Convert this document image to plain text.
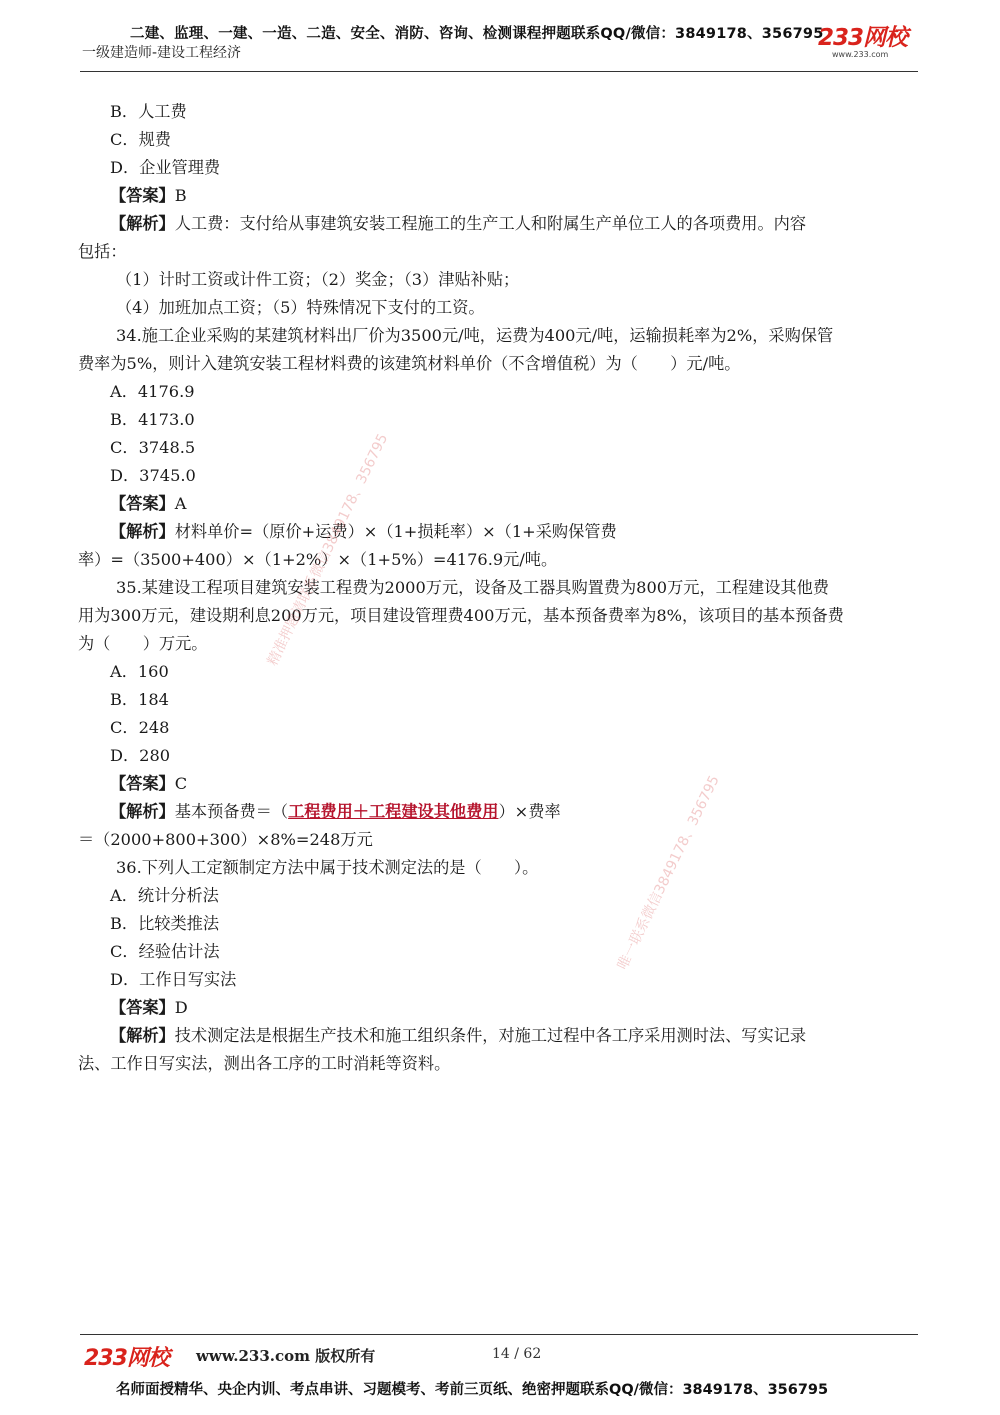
二建、监理、一建、一造、二造、安全、消防、咨询、检测课程押题联系QQ/微信：3849178、356795
一级建造师-建设工程经济
233网校
www.233.com
B．人工费
C．规费
D．企业管理费
【答案】B
【解析】人工费：支付给从事建筑安装工程施工的生产工人和附属生产单位工人的各项费用。内容
包括：
（1）计时工资或计件工资；（2）奖金；（3）津贴补贴；
（4）加班加点工资；（5）特殊情况下支付的工资。
34.施工企业采购的某建筑材料出厂价为3500元/吨，运费为400元/吨，运输损耗率为2%，采购保管
费率为5%，则计入建筑安装工程材料费的该建筑材料单价（不含增值税）为（　　）元/吨。
A．4176.9
B．4173.0
C．3748.5
D．3745.0
【答案】A
【解析】材料单价=（原价+运费）×（1+损耗率）×（1+采购保管费
率）=（3500+400）×（1+2%）×（1+5%）=4176.9元/吨。
35.某建设工程项目建筑安装工程费为2000万元，设备及工器具购置费为800万元，工程建设其他费
用为300万元，建设期利息200万元，项目建设管理费400万元，基本预备费率为8%，该项目的基本预备费
为（　　）万元。
A．160
B．184
C．248
D．280
【答案】C
【解析】基本预备费＝（工程费用＋工程建设其他费用）×费率
＝（2000+800+300）×8%=248万元
36.下列人工定额制定方法中属于技术测定法的是（　　）。
A．统计分析法
B．比较类推法
C．经验估计法
D．工作日写实法
【答案】D
【解析】技术测定法是根据生产技术和施工组织条件，对施工过程中各工序采用测时法、写实记录
法、工作日写实法，测出各工序的工时消耗等资料。
精准押题请联系微信3849178、356795
唯一联系微信3849178、356795
233网校 www.233.com 版权所有	14 / 62
名师面授精华、央企内训、考点串讲、习题模考、考前三页纸、绝密押题联系QQ/微信：3849178、356795
